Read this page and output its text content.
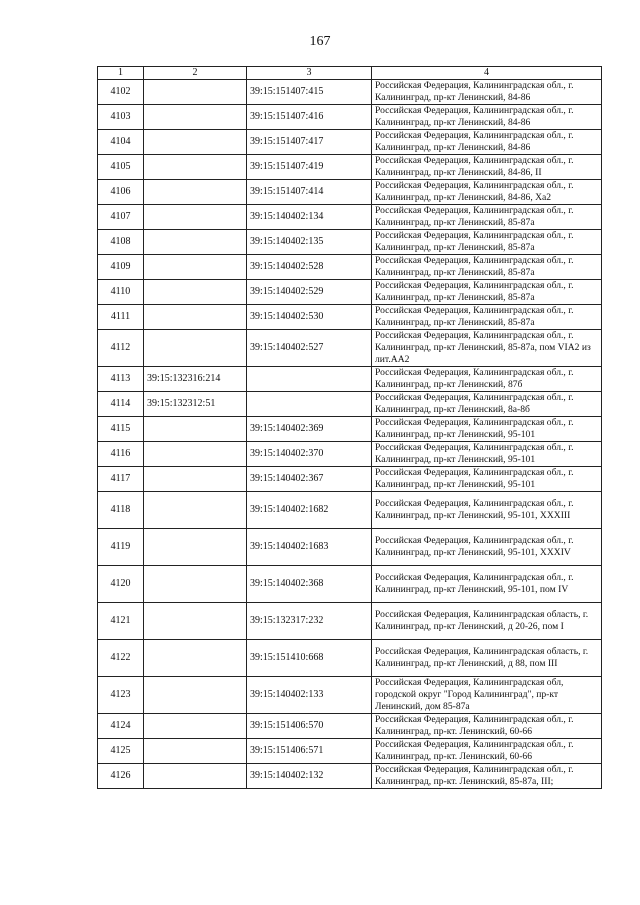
167
1	2	3	4
4102		39:15:151407:415	Российская Федерация, Калининградская обл., г. Калининград, пр-кт Ленинский, 84-86
4103		39:15:151407:416	Российская Федерация, Калининградская обл., г. Калининград, пр-кт Ленинский, 84-86
4104		39:15:151407:417	Российская Федерация, Калининградская обл., г. Калининград, пр-кт Ленинский, 84-86
4105		39:15:151407:419	Российская Федерация, Калининградская обл., г. Калининград, пр-кт Ленинский, 84-86, II
4106		39:15:151407:414	Российская Федерация, Калининградская обл., г. Калининград, пр-кт Ленинский, 84-86, Ха2
4107		39:15:140402:134	Российская Федерация, Калининградская обл., г. Калининград, пр-кт Ленинский, 85-87а
4108		39:15:140402:135	Российская Федерация, Калининградская обл., г. Калининград, пр-кт Ленинский, 85-87а
4109		39:15:140402:528	Российская Федерация, Калининградская обл., г. Калининград, пр-кт Ленинский, 85-87а
4110		39:15:140402:529	Российская Федерация, Калининградская обл., г. Калининград, пр-кт Ленинский, 85-87а
4111		39:15:140402:530	Российская Федерация, Калининградская обл., г. Калининград, пр-кт Ленинский, 85-87а
4112		39:15:140402:527	Российская Федерация, Калининградская обл., г. Калининград, пр-кт Ленинский, 85-87а, пом VIA2 из лит.АА2
4113	39:15:132316:214		Российская Федерация, Калининградская обл., г. Калининград, пр-кт Ленинский, 87б
4114	39:15:132312:51		Российская Федерация, Калининградская обл., г. Калининград, пр-кт Ленинский, 8а-8б
4115		39:15:140402:369	Российская Федерация, Калининградская обл., г. Калининград, пр-кт Ленинский, 95-101
4116		39:15:140402:370	Российская Федерация, Калининградская обл., г. Калининград, пр-кт Ленинский, 95-101
4117		39:15:140402:367	Российская Федерация, Калининградская обл., г. Калининград, пр-кт Ленинский, 95-101
4118		39:15:140402:1682	Российская Федерация, Калининградская обл., г. Калининград, пр-кт Ленинский, 95-101, XXXIII
4119		39:15:140402:1683	Российская Федерация, Калининградская обл., г. Калининград, пр-кт Ленинский, 95-101, XXXIV
4120		39:15:140402:368	Российская Федерация, Калининградская обл., г. Калининград, пр-кт Ленинский, 95-101, пом IV
4121		39:15:132317:232	Российская Федерация, Калининградская область, г. Калининград, пр-кт Ленинский, д 20-26, пом I
4122		39:15:151410:668	Российская Федерация, Калининградская область, г. Калининград, пр-кт Ленинский, д 88, пом III
4123		39:15:140402:133	Российская Федерация, Калининградская обл, городской округ "Город Калининград", пр-кт Ленинский, дом 85-87а
4124		39:15:151406:570	Российская Федерация, Калининградская обл., г. Калининград, пр-кт. Ленинский, 60-66
4125		39:15:151406:571	Российская Федерация, Калининградская обл., г. Калининград, пр-кт. Ленинский, 60-66
4126		39:15:140402:132	Российская Федерация, Калининградская обл., г. Калининград, пр-кт. Ленинский, 85-87а, III;
